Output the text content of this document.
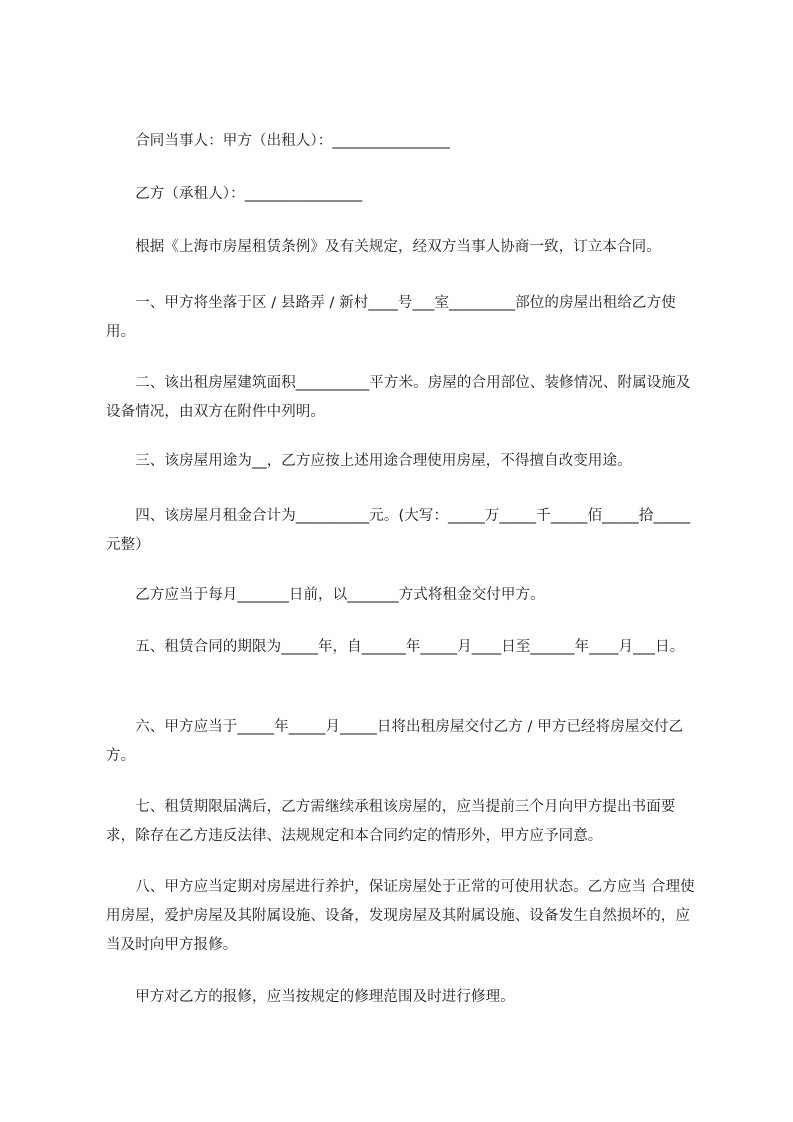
　　合同当事人：甲方（出租人）：________________
　　乙方（承租人）：________________
　　根据《上海市房屋租赁条例》及有关规定，经双方当事人协商一致，订立本合同。
　　一、甲方将坐落于区 / 县路弄 / 新村____号___室_________部位的房屋出租给乙方使用。
　　二、该出租房屋建筑面积__________平方米。房屋的合用部位、装修情况、附属设施及设备情况，由双方在附件中列明。
　　三、该房屋用途为__，乙方应按上述用途合理使用房屋，不得擅自改变用途。
　　四、该房屋月租金合计为__________元。(大写：_____万_____千_____佰_____拾_____元整）
　　乙方应当于每月_______日前，以_______方式将租金交付甲方。
　　五、租赁合同的期限为_____年，自______年_____月____日至______年____月___日。
　　六、甲方应当于_____年_____月_____日将出租房屋交付乙方 / 甲方已经将房屋交付乙方。
　　七、租赁期限届满后，乙方需继续承租该房屋的，应当提前三个月向甲方提出书面要求，除存在乙方违反法律、法规规定和本合同约定的情形外，甲方应予同意。
　　八、甲方应当定期对房屋进行养护，保证房屋处于正常的可使用状态。乙方应当 合理使用房屋，爱护房屋及其附属设施、设备，发现房屋及其附属设施、设备发生自然损坏的，应当及时向甲方报修。
　　甲方对乙方的报修，应当按规定的修理范围及时进行修理。
